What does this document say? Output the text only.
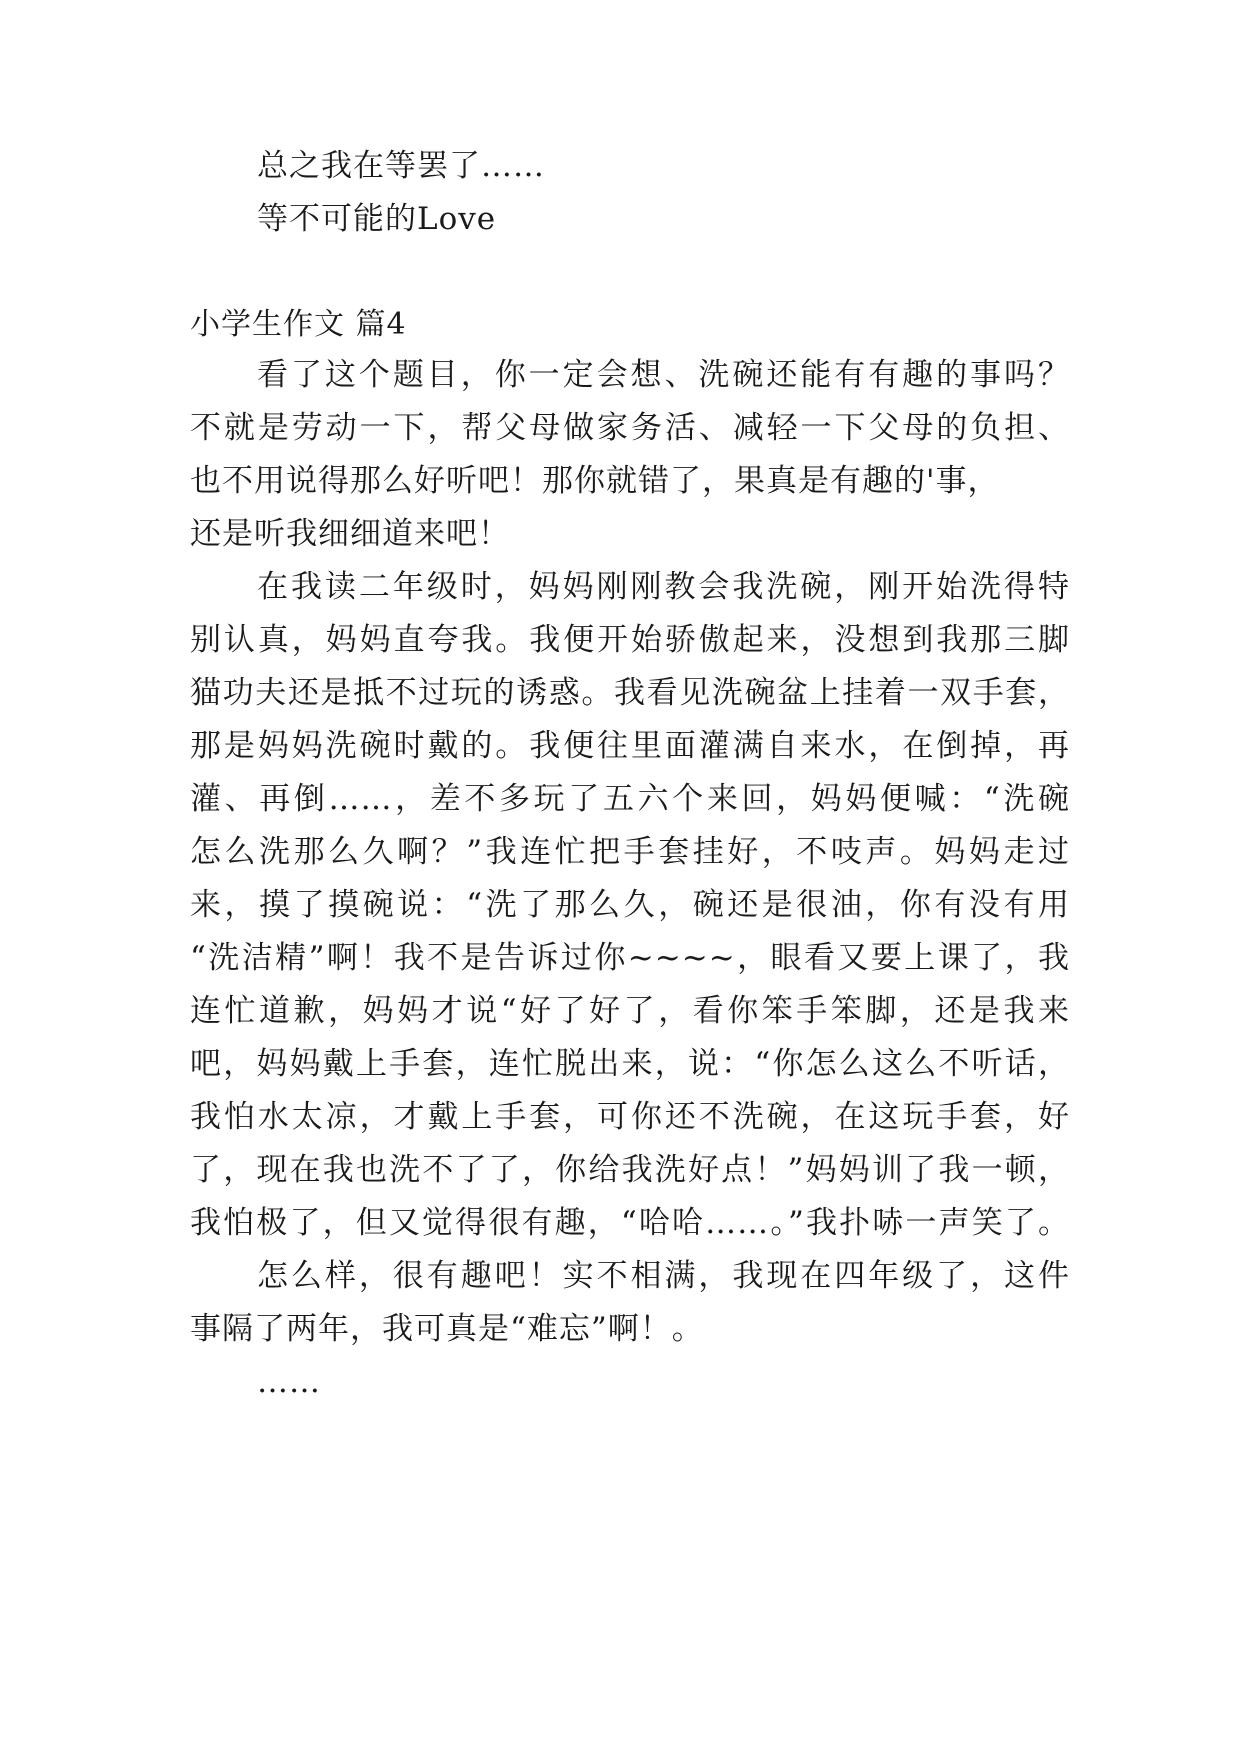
总之我在等罢了……
等不可能的Love
小学生作文 篇4
看了这个题目，你一定会想、洗碗还能有有趣的事吗？
不就是劳动一下，帮父母做家务活、减轻一下父母的负担、
也不用说得那么好听吧！那你就错了，果真是有趣的'事，
还是听我细细道来吧！
在我读二年级时，妈妈刚刚教会我洗碗，刚开始洗得特
别认真，妈妈直夸我。我便开始骄傲起来，没想到我那三脚
猫功夫还是抵不过玩的诱惑。我看见洗碗盆上挂着一双手套，
那是妈妈洗碗时戴的。我便往里面灌满自来水，在倒掉，再
灌、再倒……，差不多玩了五六个来回，妈妈便喊：“洗碗
怎么洗那么久啊？”我连忙把手套挂好，不吱声。妈妈走过
来，摸了摸碗说：“洗了那么久，碗还是很油，你有没有用
“洗洁精”啊！我不是告诉过你~~~~，眼看又要上课了，我
连忙道歉，妈妈才说“好了好了，看你笨手笨脚，还是我来
吧，妈妈戴上手套，连忙脱出来，说：“你怎么这么不听话，
我怕水太凉，才戴上手套，可你还不洗碗，在这玩手套，好
了，现在我也洗不了了，你给我洗好点！”妈妈训了我一顿，
我怕极了，但又觉得很有趣，“哈哈……。”我扑哧一声笑了。
怎么样，很有趣吧！实不相满，我现在四年级了，这件
事隔了两年，我可真是“难忘”啊！。
……
